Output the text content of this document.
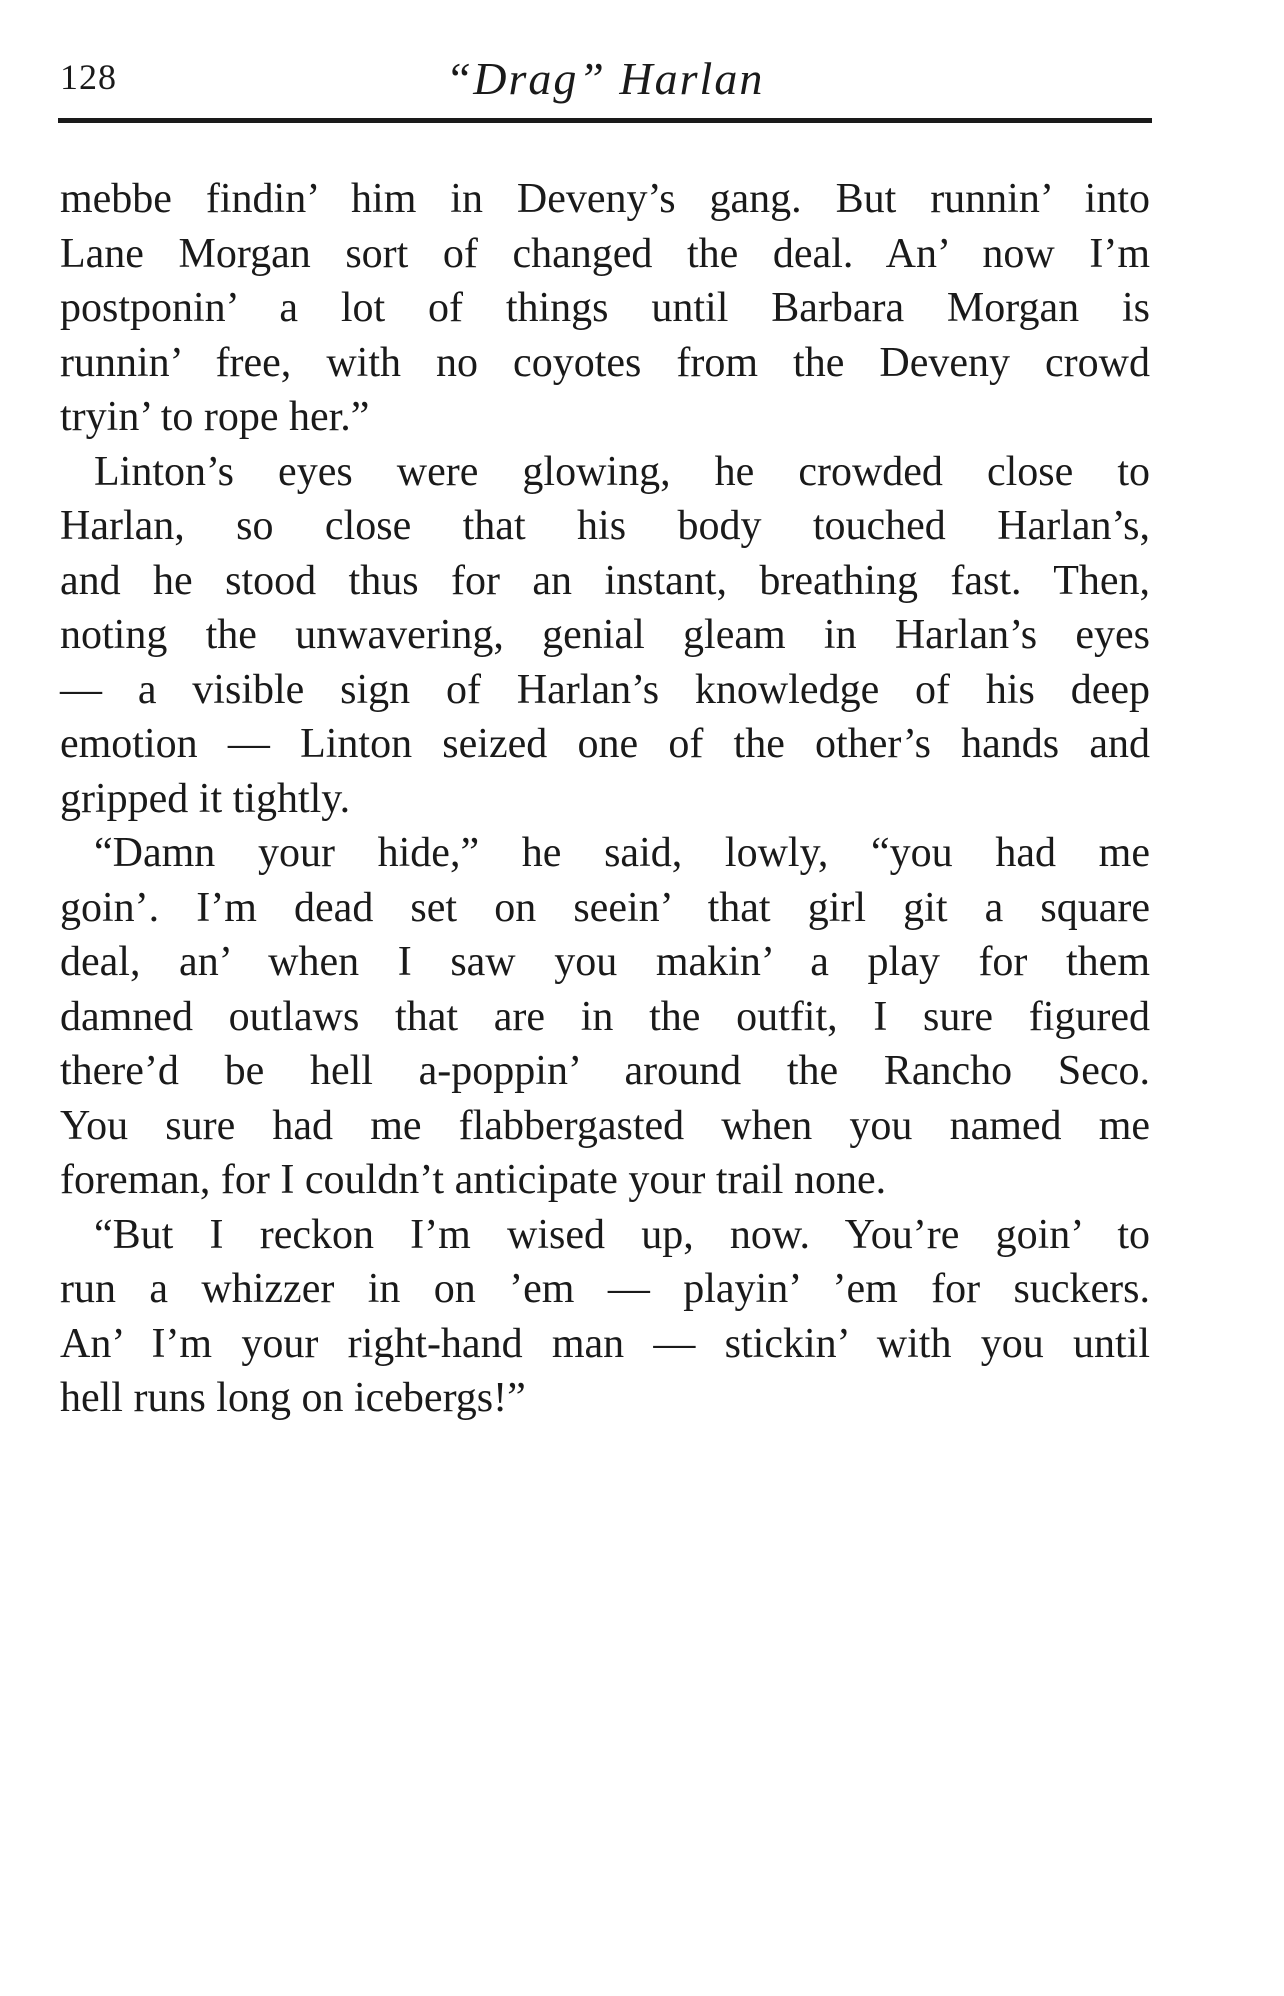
128	“Drag” Harlan
mebbe findin’ him in Deveny’s gang. But runnin’ into
Lane Morgan sort of changed the deal. An’ now I’m
postponin’ a lot of things until Barbara Morgan is
runnin’ free, with no coyotes from the Deveny crowd
tryin’ to rope her.”
Linton’s eyes were glowing, he crowded close to
Harlan, so close that his body touched Harlan’s,
and he stood thus for an instant, breathing fast. Then,
noting the unwavering, genial gleam in Harlan’s eyes
— a visible sign of Harlan’s knowledge of his deep
emotion — Linton seized one of the other’s hands and
gripped it tightly.
“Damn your hide,” he said, lowly, “you had me
goin’. I’m dead set on seein’ that girl git a square
deal, an’ when I saw you makin’ a play for them
damned outlaws that are in the outfit, I sure figured
there’d be hell a-poppin’ around the Rancho Seco.
You sure had me flabbergasted when you named me
foreman, for I couldn’t anticipate your trail none.
“But I reckon I’m wised up, now. You’re goin’ to
run a whizzer in on ’em — playin’ ’em for suckers.
An’ I’m your right-hand man — stickin’ with you until
hell runs long on icebergs!”
